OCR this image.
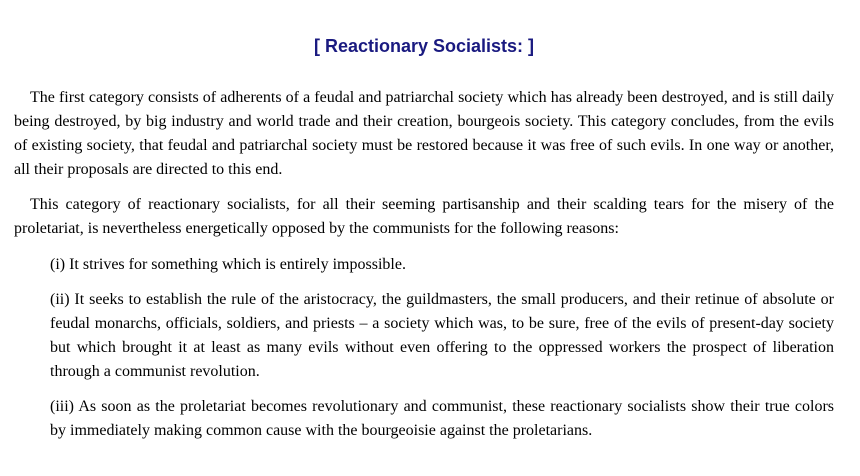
[ Reactionary Socialists: ]

The first category consists of adherents of a feudal and patriarchal society which has already been destroyed, and is still daily being destroyed, by big industry and world trade and their creation, bourgeois society. This category concludes, from the evils of existing society, that feudal and patriarchal society must be restored because it was free of such evils. In one way or another, all their proposals are directed to this end.

This category of reactionary socialists, for all their seeming partisanship and their scalding tears for the misery of the proletariat, is nevertheless energetically opposed by the communists for the following reasons:

(i) It strives for something which is entirely impossible.

(ii) It seeks to establish the rule of the aristocracy, the guildmasters, the small producers, and their retinue of absolute or feudal monarchs, officials, soldiers, and priests – a society which was, to be sure, free of the evils of present-day society but which brought it at least as many evils without even offering to the oppressed workers the prospect of liberation through a communist revolution.

(iii) As soon as the proletariat becomes revolutionary and communist, these reactionary socialists show their true colors by immediately making common cause with the bourgeoisie against the proletarians.
